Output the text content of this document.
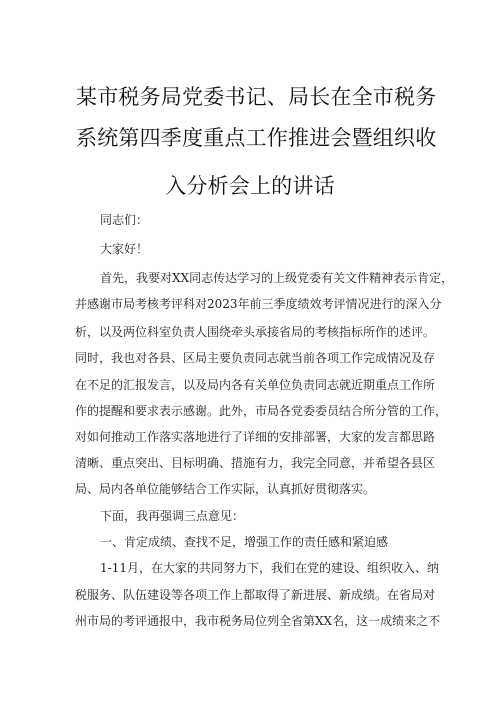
某市税务局党委书记、局长在全市税务
系统第四季度重点工作推进会暨组织收
入分析会上的讲话
同志们：
大家好！
首先，我要对XX同志传达学习的上级党委有关文件精神表示肯定，
并感谢市局考核考评科对2023年前三季度绩效考评情况进行的深入分
析，以及两位科室负责人围绕牵头承接省局的考核指标所作的述评。
同时，我也对各县、区局主要负责同志就当前各项工作完成情况及存
在不足的汇报发言，以及局内各有关单位负责同志就近期重点工作所
作的提醒和要求表示感谢。此外，市局各党委委员结合所分管的工作，
对如何推动工作落实落地进行了详细的安排部署，大家的发言都思路
清晰、重点突出、目标明确、措施有力，我完全同意，并希望各县区
局、局内各单位能够结合工作实际，认真抓好贯彻落实。
下面，我再强调三点意见：
一、肯定成绩、查找不足，增强工作的责任感和紧迫感
1-11月，在大家的共同努力下，我们在党的建设、组织收入、纳
税服务、队伍建设等各项工作上都取得了新进展、新成绩。在省局对
州市局的考评通报中，我市税务局位列全省第XX名，这一成绩来之不
